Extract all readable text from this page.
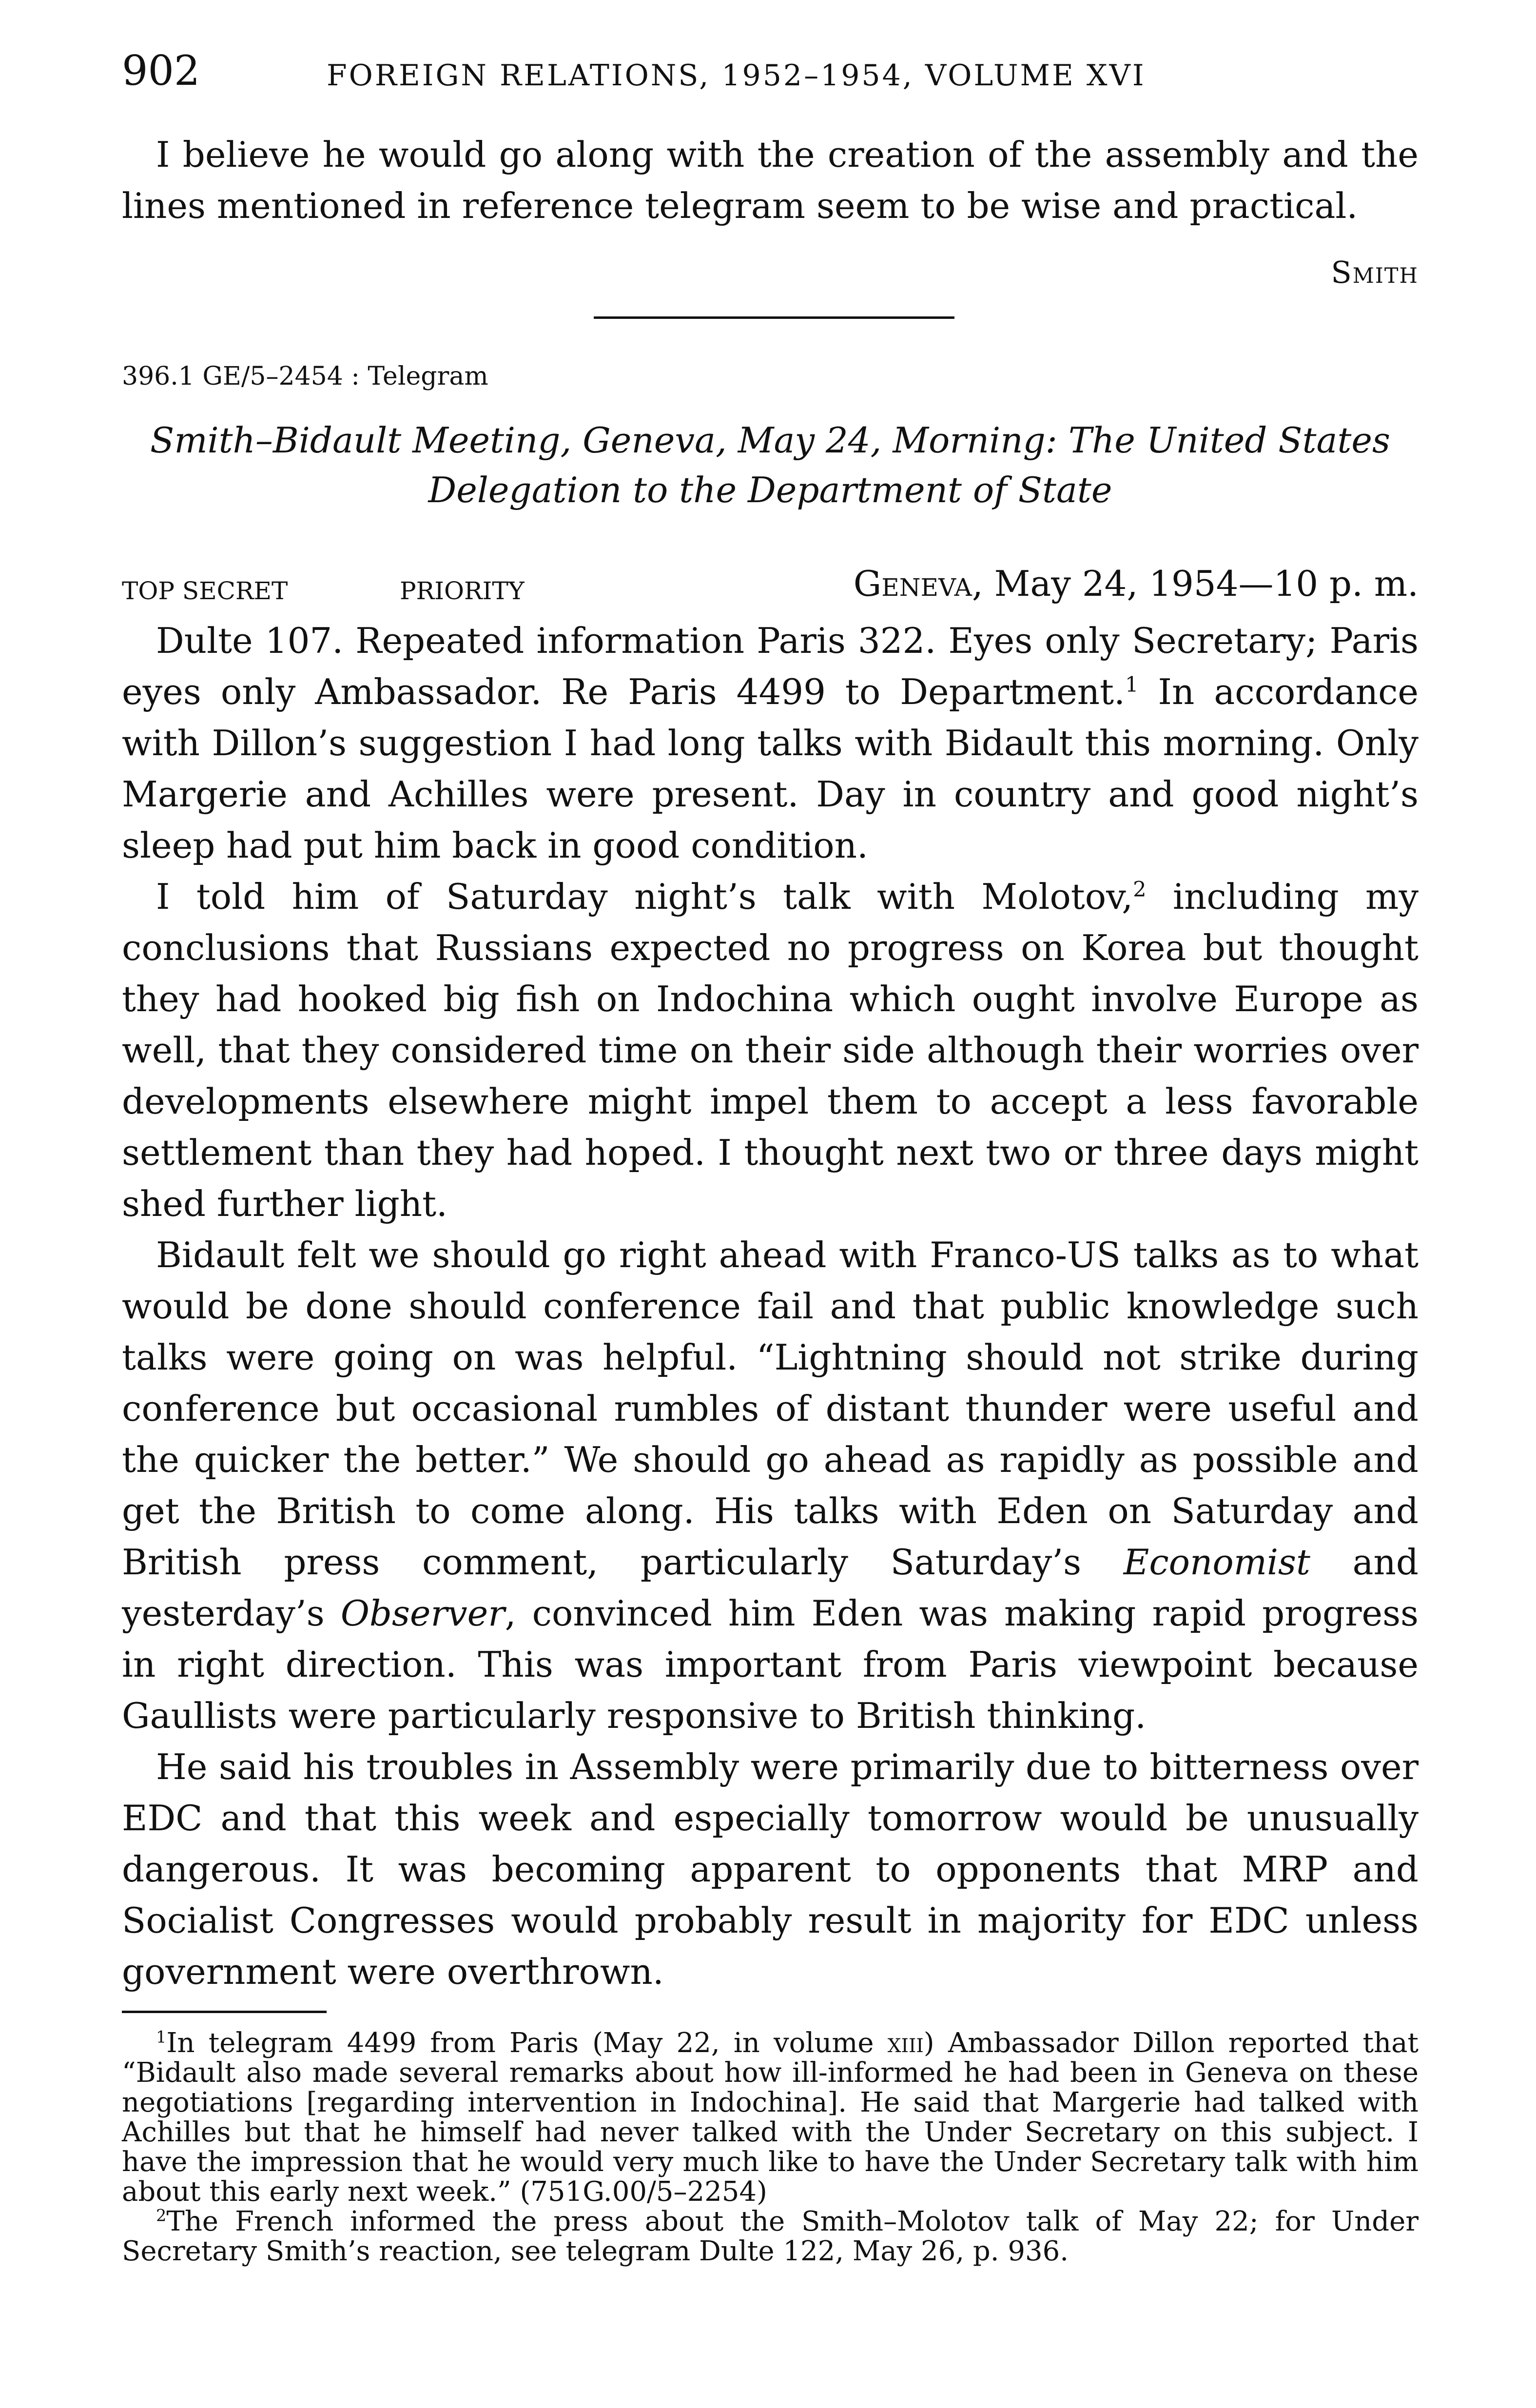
902	FOREIGN RELATIONS, 1952–1954, VOLUME XVI

I believe he would go along with the creation of the assembly and the lines mentioned in reference telegram seem to be wise and practical.

Smith
396.1 GE/5–2454 : Telegram
Smith–Bidault Meeting, Geneva, May 24, Morning: The United States Delegation to the Department of State
TOP SECRET	PRIORITY	Geneva, May 24, 1954—10 p. m.

Dulte 107. Repeated information Paris 322. Eyes only Secretary; Paris eyes only Ambassador. Re Paris 4499 to Department.$^1$ In accordance with Dillon’s suggestion I had long talks with Bidault this morning. Only Margerie and Achilles were present. Day in country and good night’s sleep had put him back in good condition.

I told him of Saturday night’s talk with Molotov,$^2$ including my conclusions that Russians expected no progress on Korea but thought they had hooked big fish on Indochina which ought involve Europe as well, that they considered time on their side although their worries over developments elsewhere might impel them to accept a less favorable settlement than they had hoped. I thought next two or three days might shed further light.

Bidault felt we should go right ahead with Franco-US talks as to what would be done should conference fail and that public knowledge such talks were going on was helpful. “Lightning should not strike during conference but occasional rumbles of distant thunder were useful and the quicker the better.” We should go ahead as rapidly as possible and get the British to come along. His talks with Eden on Saturday and British press comment, particularly Saturday’s Economist and yesterday’s Observer, convinced him Eden was making rapid progress in right direction. This was important from Paris viewpoint because Gaullists were particularly responsive to British thinking.

He said his troubles in Assembly were primarily due to bitterness over EDC and that this week and especially tomorrow would be unusually dangerous. It was becoming apparent to opponents that MRP and Socialist Congresses would probably result in majority for EDC unless government were overthrown.

$^1$In telegram 4499 from Paris (May 22, in volume xiii) Ambassador Dillon reported that “Bidault also made several remarks about how ill-informed he had been in Geneva on these negotiations [regarding intervention in Indochina]. He said that Margerie had talked with Achilles but that he himself had never talked with the Under Secretary on this subject. I have the impression that he would very much like to have the Under Secretary talk with him about this early next week.” (751G.00/5–2254)

$^2$The French informed the press about the Smith–Molotov talk of May 22; for Under Secretary Smith’s reaction, see telegram Dulte 122, May 26, p. 936.
